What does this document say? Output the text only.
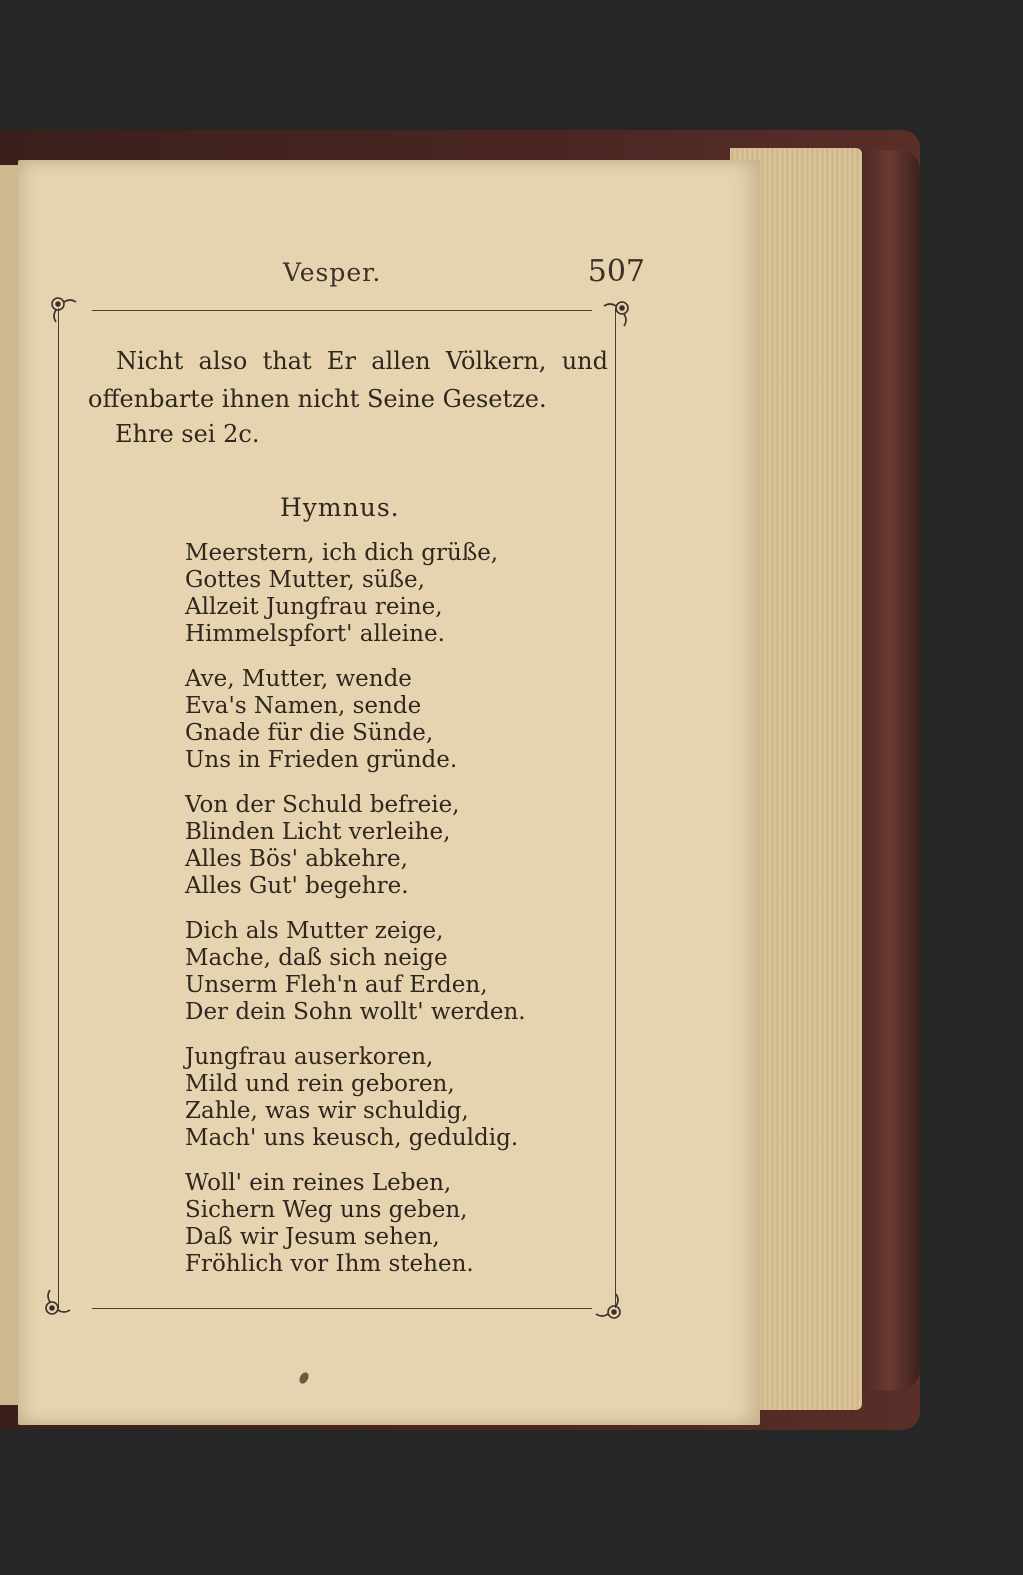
Vesper.	507

Nicht also that Er allen Völkern, und offenbarte ihnen nicht Seine Gesetze.

Ehre sei 2c.
Hymnus.
Meerstern, ich dich grüße,
Gottes Mutter, süße,
Allzeit Jungfrau reine,
Himmelspfort' alleine.
Ave, Mutter, wende
Eva's Namen, sende
Gnade für die Sünde,
Uns in Frieden gründe.
Von der Schuld befreie,
Blinden Licht verleihe,
Alles Bös' abkehre,
Alles Gut' begehre.
Dich als Mutter zeige,
Mache, daß sich neige
Unserm Fleh'n auf Erden,
Der dein Sohn wollt' werden.
Jungfrau auserkoren,
Mild und rein geboren,
Zahle, was wir schuldig,
Mach' uns keusch, geduldig.
Woll' ein reines Leben,
Sichern Weg uns geben,
Daß wir Jesum sehen,
Fröhlich vor Ihm stehen.
